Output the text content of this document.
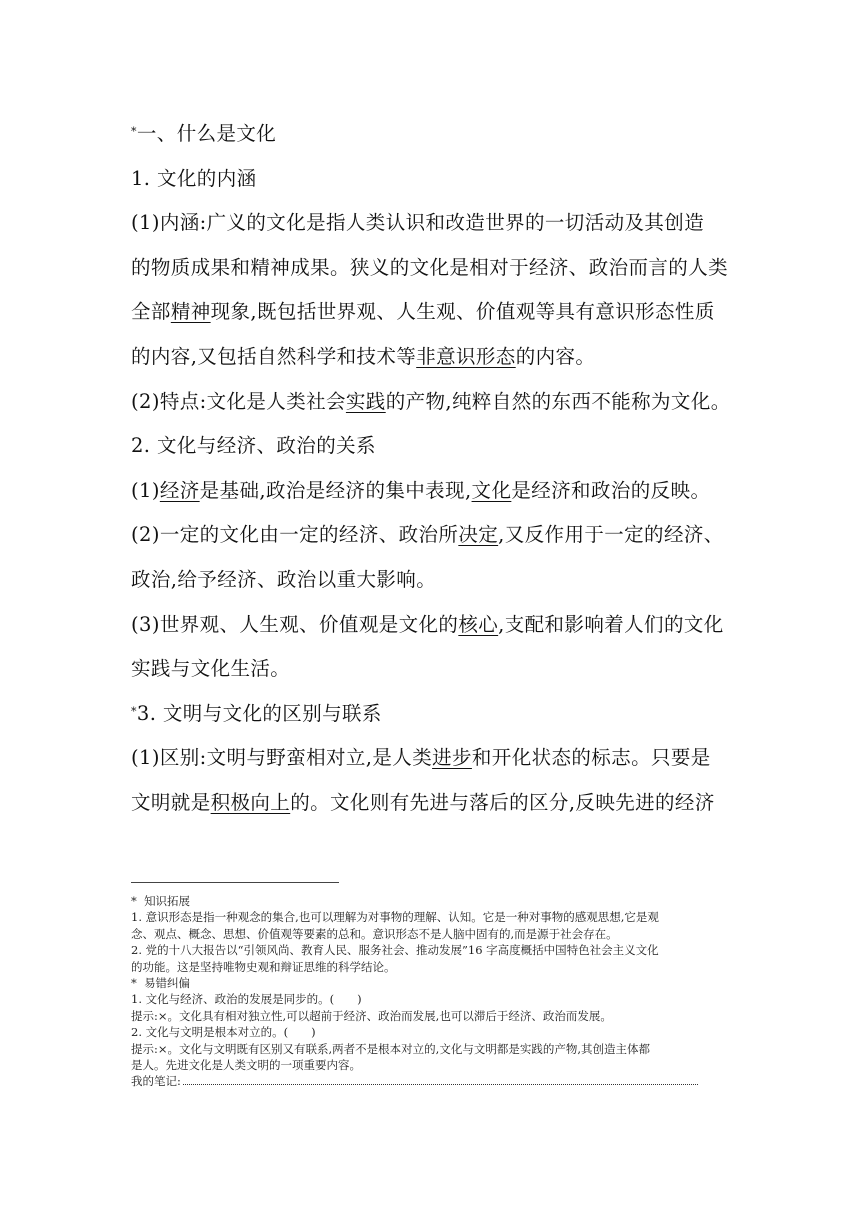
*一、什么是文化
1. 文化的内涵
(1)内涵:广义的文化是指人类认识和改造世界的一切活动及其创造
的物质成果和精神成果。狭义的文化是相对于经济、政治而言的人类
全部精神现象,既包括世界观、人生观、价值观等具有意识形态性质
的内容,又包括自然科学和技术等非意识形态的内容。
(2)特点:文化是人类社会实践的产物,纯粹自然的东西不能称为文化。
2. 文化与经济、政治的关系
(1)经济是基础,政治是经济的集中表现,文化是经济和政治的反映。
(2)一定的文化由一定的经济、政治所决定,又反作用于一定的经济、
政治,给予经济、政治以重大影响。
(3)世界观、人生观、价值观是文化的核心,支配和影响着人们的文化
实践与文化生活。
*3. 文明与文化的区别与联系
(1)区别:文明与野蛮相对立,是人类进步和开化状态的标志。只要是
文明就是积极向上的。文化则有先进与落后的区分,反映先进的经济
* 知识拓展
1. 意识形态是指一种观念的集合,也可以理解为对事物的理解、认知。它是一种对事物的感观思想,它是观
念、观点、概念、思想、价值观等要素的总和。意识形态不是人脑中固有的,而是源于社会存在。
2. 党的十八大报告以“引领风尚、教育人民、服务社会、推动发展”16 字高度概括中国特色社会主义文化
的功能。这是坚持唯物史观和辩证思维的科学结论。
* 易错纠偏
1. 文化与经济、政治的发展是同步的。(　　)
提示:×。文化具有相对独立性,可以超前于经济、政治而发展,也可以滞后于经济、政治而发展。
2. 文化与文明是根本对立的。(　　)
提示:×。文化与文明既有区别又有联系,两者不是根本对立的,文化与文明都是实践的产物,其创造主体都
是人。先进文化是人类文明的一项重要内容。
我的笔记:
